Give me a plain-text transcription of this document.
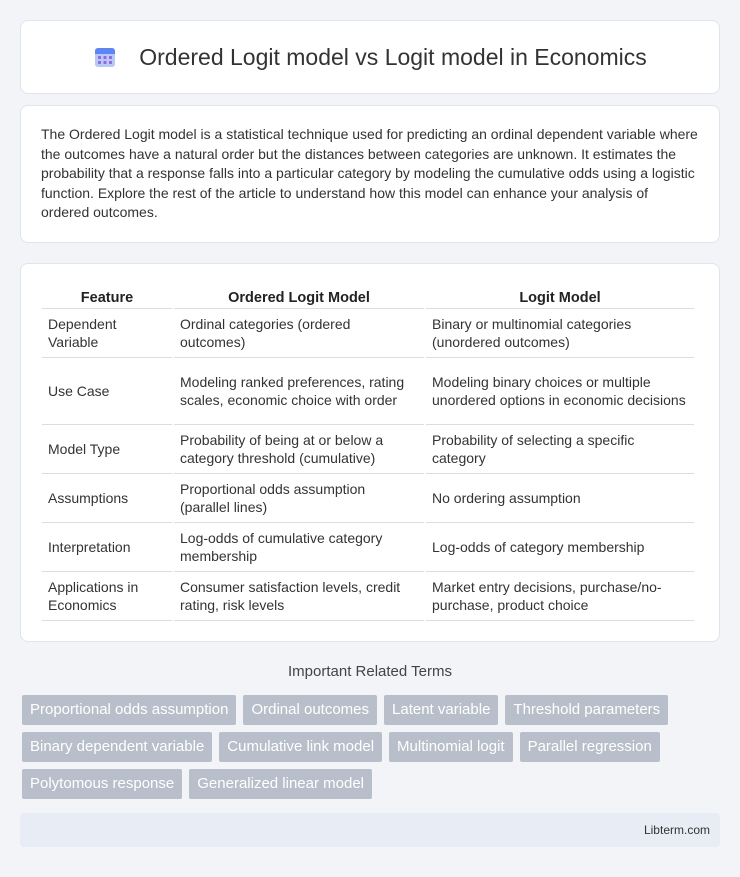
Ordered Logit model vs Logit model in Economics

The Ordered Logit model is a statistical technique used for predicting an ordinal dependent variable where the outcomes have a natural order but the distances between categories are unknown. It estimates the probability that a response falls into a particular category by modeling the cumulative odds using a logistic function. Explore the rest of the article to understand how this model can enhance your analysis of ordered outcomes.

Feature	Ordered Logit Model	Logit Model
Dependent Variable	Ordinal categories (ordered outcomes)	Binary or multinomial categories (unordered outcomes)
Use Case	Modeling ranked preferences, rating scales, economic choice with order	Modeling binary choices or multiple unordered options in economic decisions
Model Type	Probability of being at or below a category threshold (cumulative)	Probability of selecting a specific category
Assumptions	Proportional odds assumption (parallel lines)	No ordering assumption
Interpretation	Log-odds of cumulative category membership	Log-odds of category membership
Applications in Economics	Consumer satisfaction levels, credit rating, risk levels	Market entry decisions, purchase/no-purchase, product choice
Important Related Terms
Proportional odds assumption	Ordinal outcomes	Latent variable	Threshold parameters
Binary dependent variable	Cumulative link model	Multinomial logit	Parallel regression
Polytomous response	Generalized linear model
Libterm.com
